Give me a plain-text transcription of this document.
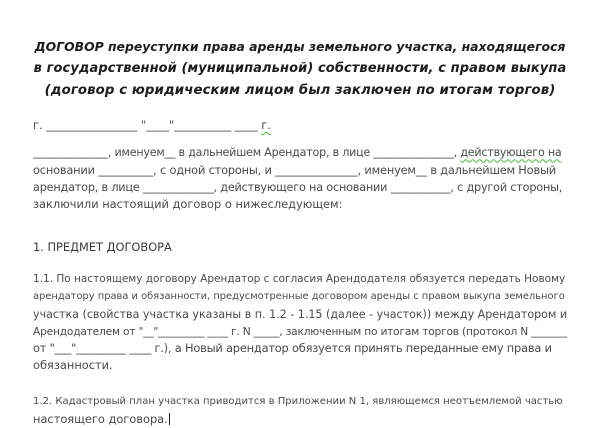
ДОГОВОР переуступки права аренды земельного участка, находящегося
в государственной (муниципальной) собственности, с правом выкупа
(договор с юридическим лицом был заключен по итогам торгов)

г. ________________ "____"__________ ____ г.

______________, именуем__ в дальнейшем Арендатор, в лице _______________, действующего на
основании __________, с одной стороны, и _______________, именуем__ в дальнейшем Новый
арендатор, в лице _____________, действующего на основании ___________, с другой стороны,
заключили настоящий договор о нижеследующем:

1. ПРЕДМЕТ ДОГОВОРА

1.1. По настоящему договору Арендатор с согласия Арендодателя обязуется передать Новому
арендатору права и обязанности, предусмотренные договором аренды с правом выкупа земельного
участка (свойства участка указаны в п. 1.2 - 1.15 (далее - участок)) между Арендатором и
Арендодателем от "__"_________ ____ г. N _____, заключенным по итогам торгов (протокол N _______
от "___"_________ ____ г.), а Новый арендатор обязуется принять переданные ему права и
обязанности.

1.2. Кадастровый план участка приводится в Приложении N 1, являющемся неотъемлемой частью
настоящего договора.
